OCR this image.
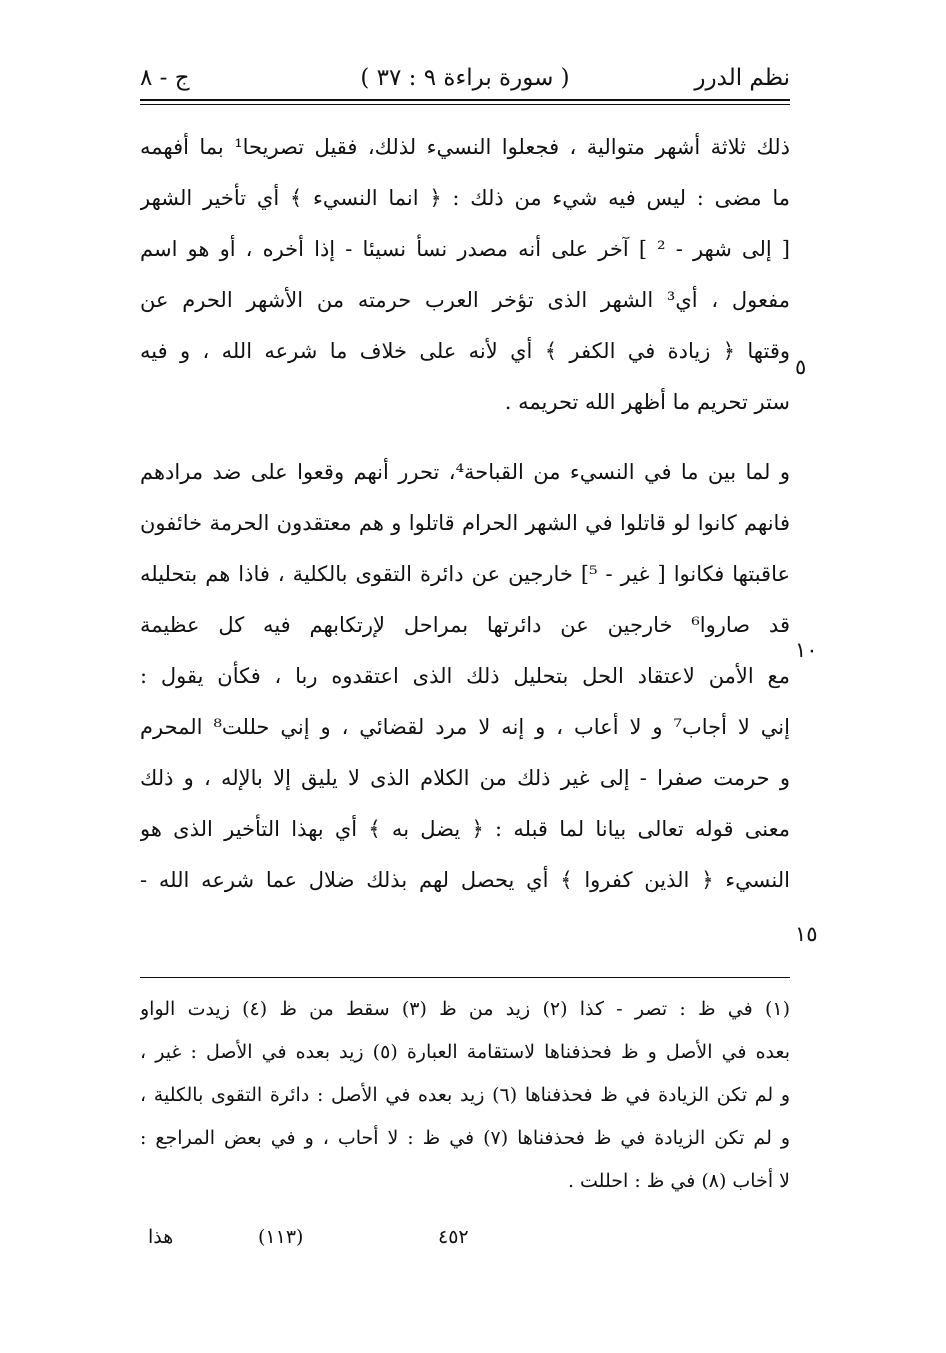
نظم الدرر
( سورة براءة ٩ : ٣٧ )
ج - ٨
ذلك ثلاثة أشهر متوالية ، فجعلوا النسيء لذلك، فقيل تصريحا¹ بما أفهمه
ما مضى : ليس فيه شيء من ذلك : ﴿ انما النسيء ﴾ أي تأخير الشهر
[ إلى شهر - ² ] آخر على أنه مصدر نسأ نسيئا - إذا أخره ، أو هو اسم
مفعول ، أي³ الشهر الذى تؤخر العرب حرمته من الأشهر الحرم عن
وقتها ﴿ زيادة في الكفر ﴾ أي لأنه على خلاف ما شرعه الله ، و فيه
ستر تحريم ما أظهر الله تحريمه .
و لما بين ما في النسيء من القباحة⁴، تحرر أنهم وقعوا على ضد مرادهم
فانهم كانوا لو قاتلوا في الشهر الحرام قاتلوا و هم معتقدون الحرمة خائفون
عاقبتها فكانوا [ غير - ⁵] خارجين عن دائرة التقوى بالكلية ، فاذا هم بتحليله
قد صاروا⁶ خارجين عن دائرتها بمراحل لإرتكابهم فيه كل عظيمة
مع الأمن لاعتقاد الحل بتحليل ذلك الذى اعتقدوه ربا ، فكأن يقول :
إني لا أجاب⁷ و لا أعاب ، و إنه لا مرد لقضائي ، و إني حللت⁸ المحرم
و حرمت صفرا - إلى غير ذلك من الكلام الذى لا يليق إلا بالإله ، و ذلك
معنى قوله تعالى بيانا لما قبله : ﴿ يضل به ﴾ أي بهذا التأخير الذى هو
النسيء ﴿ الذين كفروا ﴾ أي يحصل لهم بذلك ضلال عما شرعه الله -
٥
١٠
١٥
(١) في ظ : تصر - كذا (٢) زيد من ظ (٣) سقط من ظ (٤) زيدت الواو
بعده في الأصل و ظ فحذفناها لاستقامة العبارة (٥) زيد بعده في الأصل : غير ،
و لم تكن الزيادة في ظ فحذفناها (٦) زيد بعده في الأصل : دائرة التقوى بالكلية ،
و لم تكن الزيادة في ظ فحذفناها (٧) في ظ : لا أحاب ، و في بعض المراجع :
لا أخاب (٨) في ظ : احللت .
هذا	(١١٣)	٤٥٢
